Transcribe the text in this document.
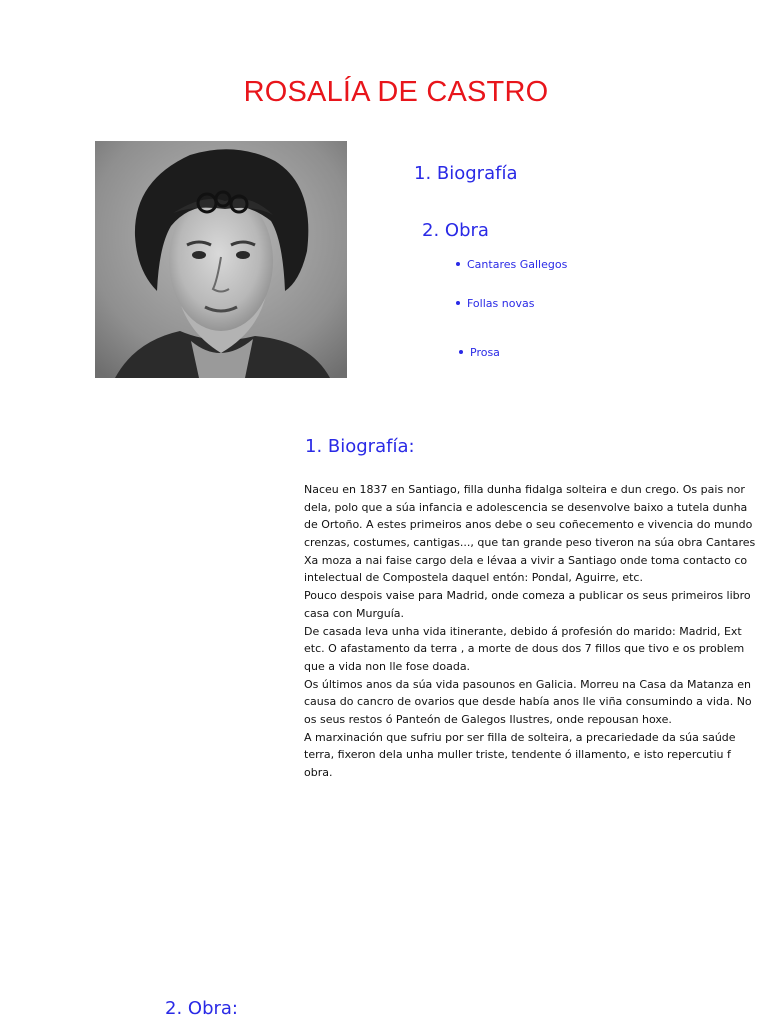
ROSALÍA DE CASTRO
1. Biografía
2. Obra
Cantares Gallegos
Follas novas
Prosa
1. Biografía:
Naceu en 1837 en Santiago, filla dunha fidalga solteira e dun crego. Os pais nor
dela, polo que a súa infancia e adolescencia se desenvolve baixo a tutela dunha
de Ortoño. A estes primeiros anos debe o seu coñecemento e vivencia do mundo
crenzas, costumes, cantigas..., que tan grande peso tiveron na súa obra Cantares
Xa moza a nai faise cargo dela e lévaa a vivir a Santiago onde toma contacto co
intelectual de Compostela daquel entón: Pondal, Aguirre, etc.
Pouco despois vaise para Madrid, onde comeza a publicar os seus primeiros libro
casa con Murguía.
De casada leva unha vida itinerante, debido á profesión do marido: Madrid, Ext
etc. O afastamento da terra , a morte de dous dos 7 fillos que tivo e os problem
que a vida non lle fose doada.
Os últimos anos da súa vida pasounos en Galicia. Morreu na Casa da Matanza en
causa do cancro de ovarios que desde había anos lle viña consumindo a vida. No
os seus restos ó Panteón de Galegos Ilustres, onde repousan hoxe.
A marxinación que sufriu por ser filla de solteira, a precariedade da súa saúde
terra, fixeron dela unha muller triste, tendente ó illamento, e isto repercutiu f
obra.
2. Obra:
